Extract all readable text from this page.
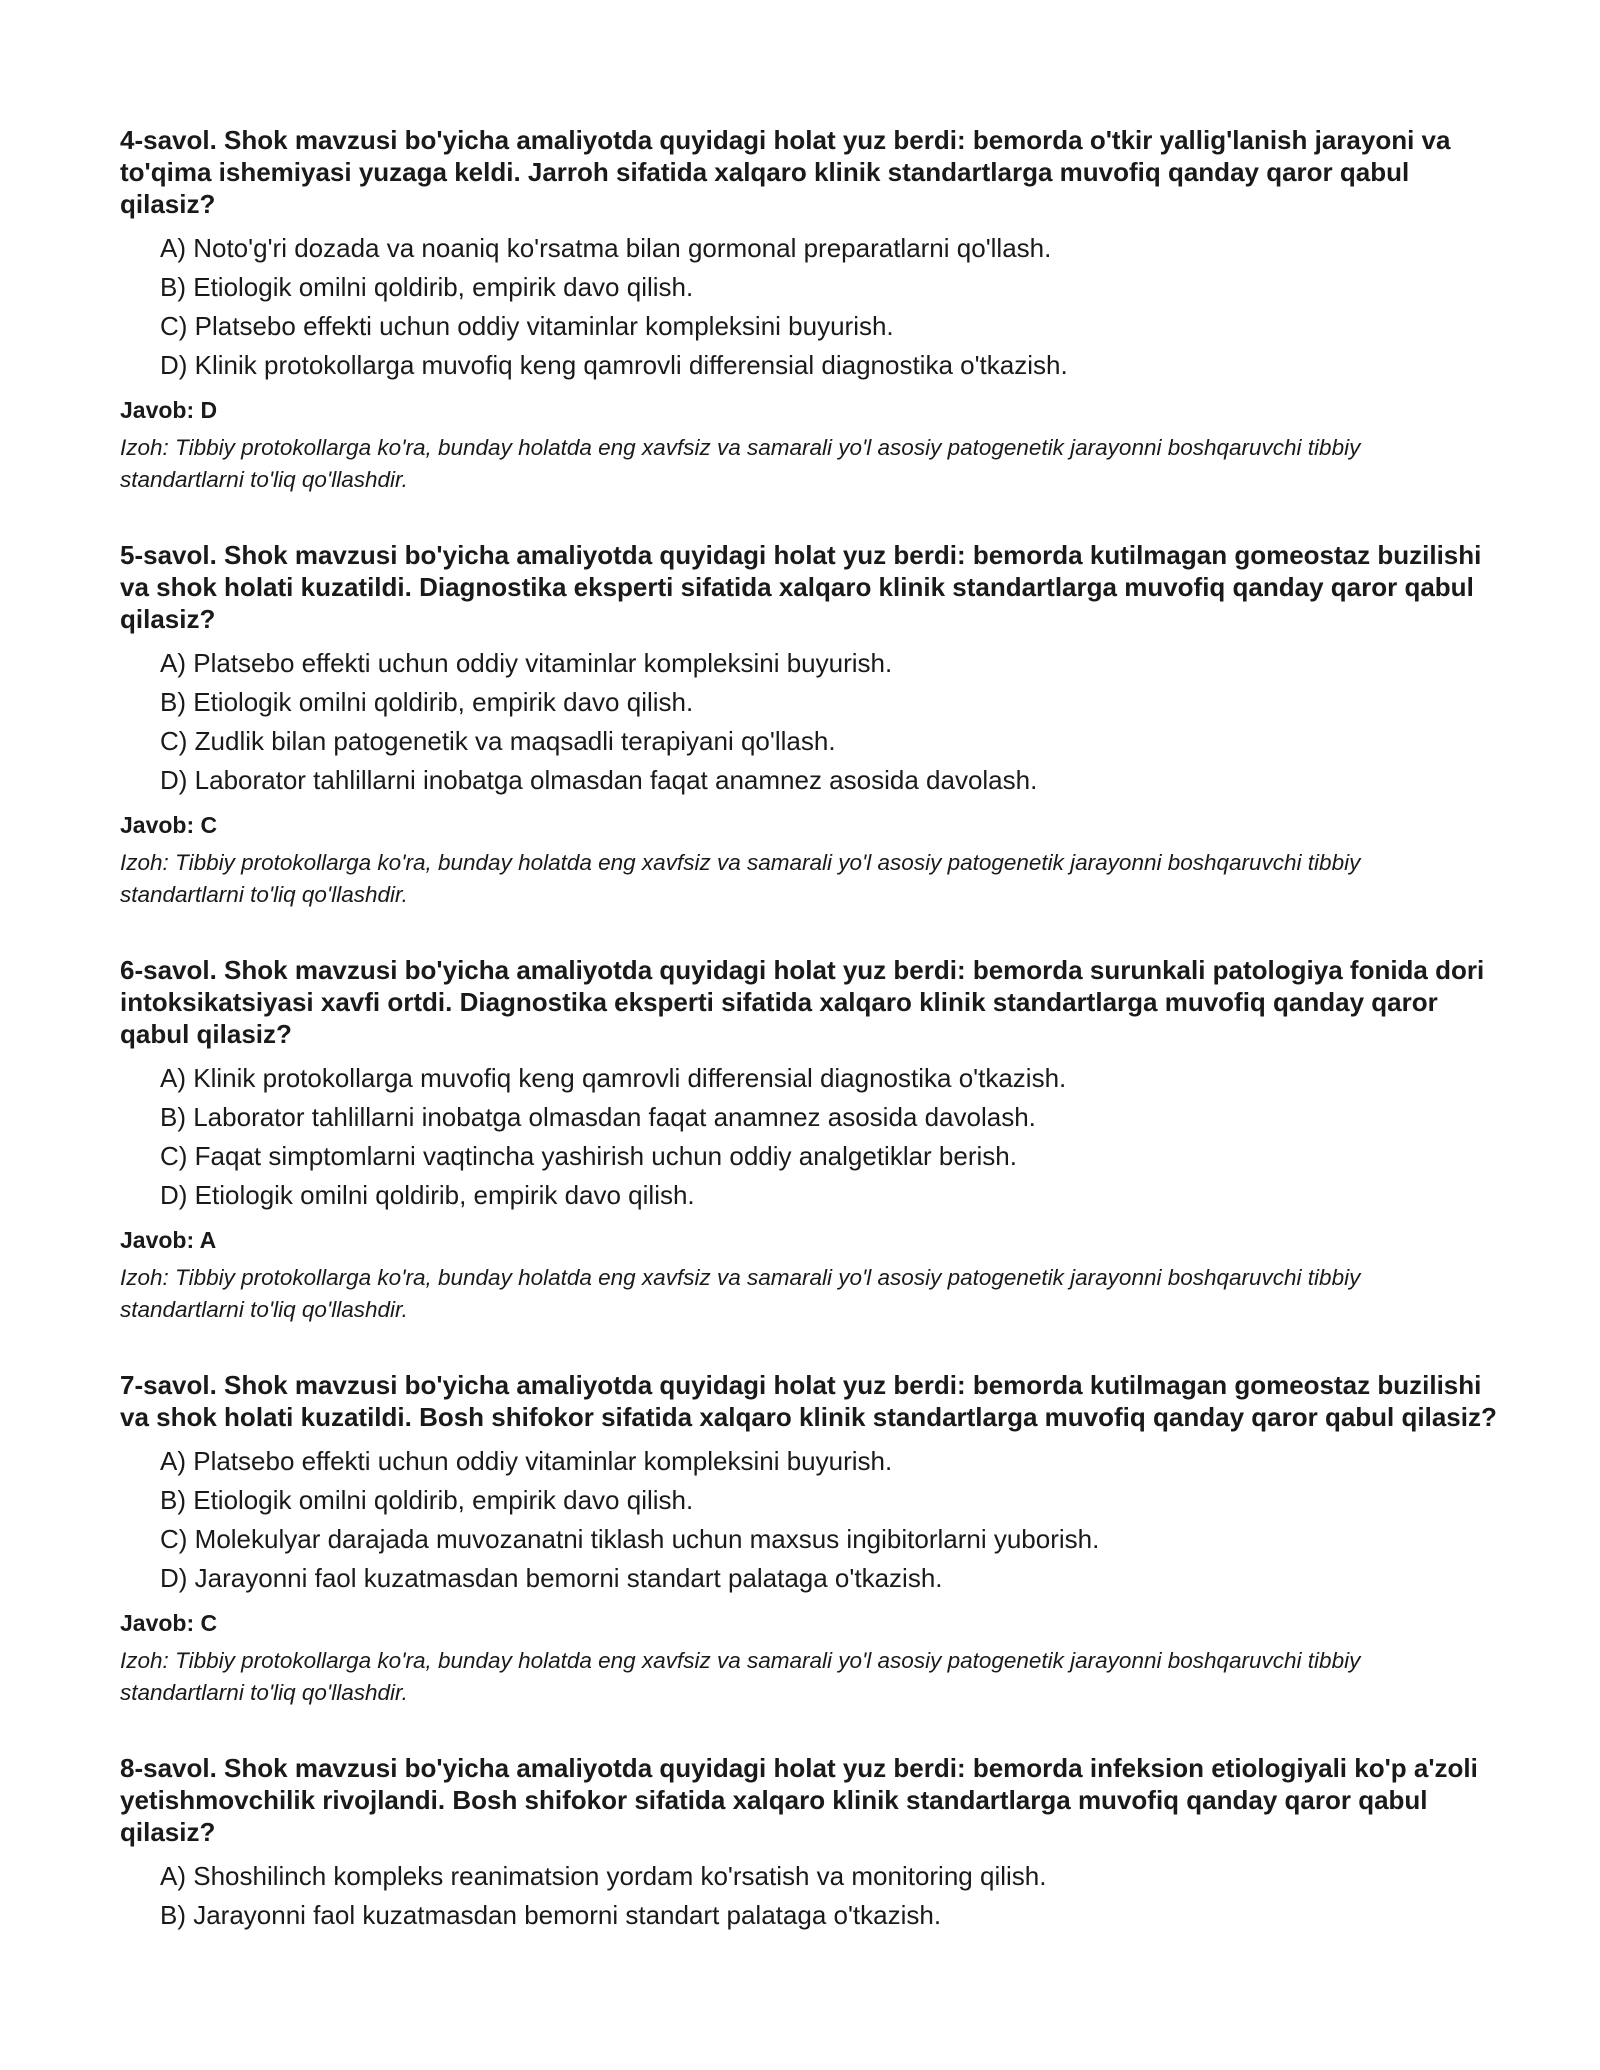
4-savol. Shok mavzusi bo'yicha amaliyotda quyidagi holat yuz berdi: bemorda o'tkir yallig'lanish jarayoni va to'qima ishemiyasi yuzaga keldi. Jarroh sifatida xalqaro klinik standartlarga muvofiq qanday qaror qabul qilasiz?
A) Noto'g'ri dozada va noaniq ko'rsatma bilan gormonal preparatlarni qo'llash.
B) Etiologik omilni qoldirib, empirik davo qilish.
C) Platsebo effekti uchun oddiy vitaminlar kompleksini buyurish.
D) Klinik protokollarga muvofiq keng qamrovli differensial diagnostika o'tkazish.
Javob: D
Izoh: Tibbiy protokollarga ko'ra, bunday holatda eng xavfsiz va samarali yo'l asosiy patogenetik jarayonni boshqaruvchi tibbiy standartlarni to'liq qo'llashdir.
5-savol. Shok mavzusi bo'yicha amaliyotda quyidagi holat yuz berdi: bemorda kutilmagan gomeostaz buzilishi va shok holati kuzatildi. Diagnostika eksperti sifatida xalqaro klinik standartlarga muvofiq qanday qaror qabul qilasiz?
A) Platsebo effekti uchun oddiy vitaminlar kompleksini buyurish.
B) Etiologik omilni qoldirib, empirik davo qilish.
C) Zudlik bilan patogenetik va maqsadli terapiyani qo'llash.
D) Laborator tahlillarni inobatga olmasdan faqat anamnez asosida davolash.
Javob: C
Izoh: Tibbiy protokollarga ko'ra, bunday holatda eng xavfsiz va samarali yo'l asosiy patogenetik jarayonni boshqaruvchi tibbiy standartlarni to'liq qo'llashdir.
6-savol. Shok mavzusi bo'yicha amaliyotda quyidagi holat yuz berdi: bemorda surunkali patologiya fonida dori intoksikatsiyasi xavfi ortdi. Diagnostika eksperti sifatida xalqaro klinik standartlarga muvofiq qanday qaror qabul qilasiz?
A) Klinik protokollarga muvofiq keng qamrovli differensial diagnostika o'tkazish.
B) Laborator tahlillarni inobatga olmasdan faqat anamnez asosida davolash.
C) Faqat simptomlarni vaqtincha yashirish uchun oddiy analgetiklar berish.
D) Etiologik omilni qoldirib, empirik davo qilish.
Javob: A
Izoh: Tibbiy protokollarga ko'ra, bunday holatda eng xavfsiz va samarali yo'l asosiy patogenetik jarayonni boshqaruvchi tibbiy standartlarni to'liq qo'llashdir.
7-savol. Shok mavzusi bo'yicha amaliyotda quyidagi holat yuz berdi: bemorda kutilmagan gomeostaz buzilishi va shok holati kuzatildi. Bosh shifokor sifatida xalqaro klinik standartlarga muvofiq qanday qaror qabul qilasiz?
A) Platsebo effekti uchun oddiy vitaminlar kompleksini buyurish.
B) Etiologik omilni qoldirib, empirik davo qilish.
C) Molekulyar darajada muvozanatni tiklash uchun maxsus ingibitorlarni yuborish.
D) Jarayonni faol kuzatmasdan bemorni standart palataga o'tkazish.
Javob: C
Izoh: Tibbiy protokollarga ko'ra, bunday holatda eng xavfsiz va samarali yo'l asosiy patogenetik jarayonni boshqaruvchi tibbiy standartlarni to'liq qo'llashdir.
8-savol. Shok mavzusi bo'yicha amaliyotda quyidagi holat yuz berdi: bemorda infeksion etiologiyali ko'p a'zoli yetishmovchilik rivojlandi. Bosh shifokor sifatida xalqaro klinik standartlarga muvofiq qanday qaror qabul qilasiz?
A) Shoshilinch kompleks reanimatsion yordam ko'rsatish va monitoring qilish.
B) Jarayonni faol kuzatmasdan bemorni standart palataga o'tkazish.
